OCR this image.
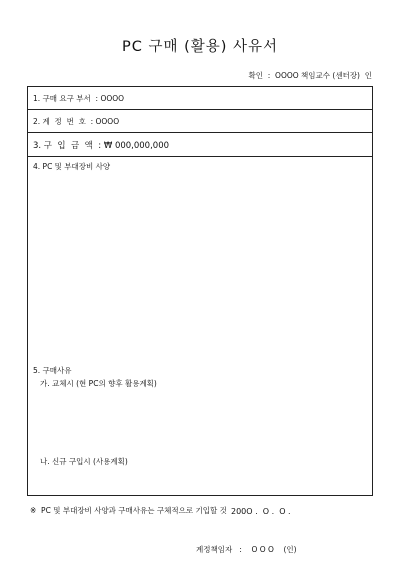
PC 구매 (활용) 사유서
확인  :  OOOO 책임교수 (센터장)  인
1. 구매 요구 부서  : OOOO
2. 계  정  번  호  : OOOO
3. 구  입  금  액  : ₩ 000,000,000
4. PC 및 부대장비 사양
5. 구매사유
가. 교체시 (현 PC의 향후 활용계획)
나. 신규 구입시 (사용계획)
200O .  O .  O .
계정책임자   :    O O O    (인)
※  PC 및 부대장비 사양과 구매사유는 구체적으로 기입할 것
